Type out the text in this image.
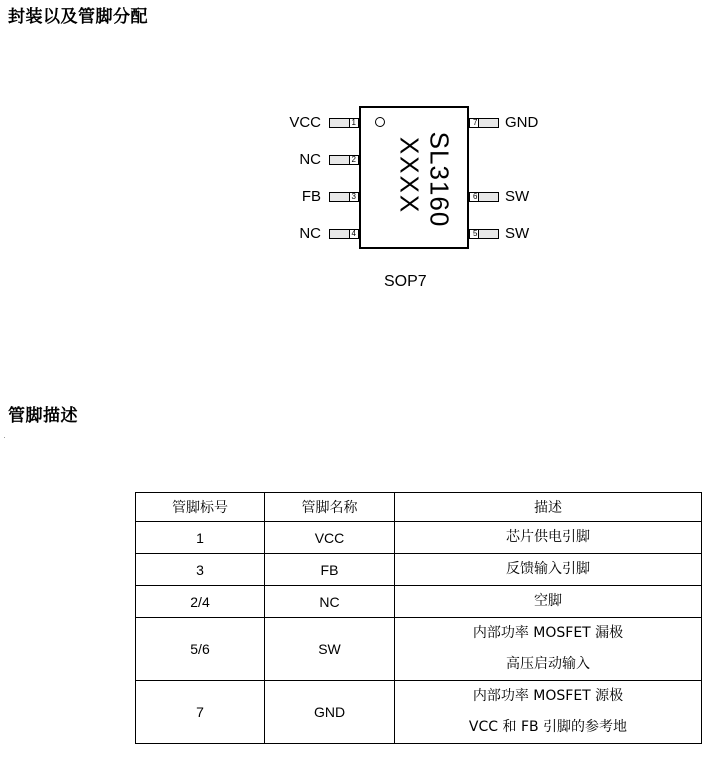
封装以及管脚分配
SL3160
XXXX
1
VCC
2
NC
3
FB
4
NC
7 GND
6 SW
5 SW
SOP7
管脚描述
管脚标号	管脚名称	描述
1	VCC	芯片供电引脚

3	FB	反馈输入引脚

2/4	NC	空脚

5/6	SW	内部功率 MOSFET 漏极
高压启动输入

7	GND	内部功率 MOSFET 源极
VCC 和 FB 引脚的参考地
